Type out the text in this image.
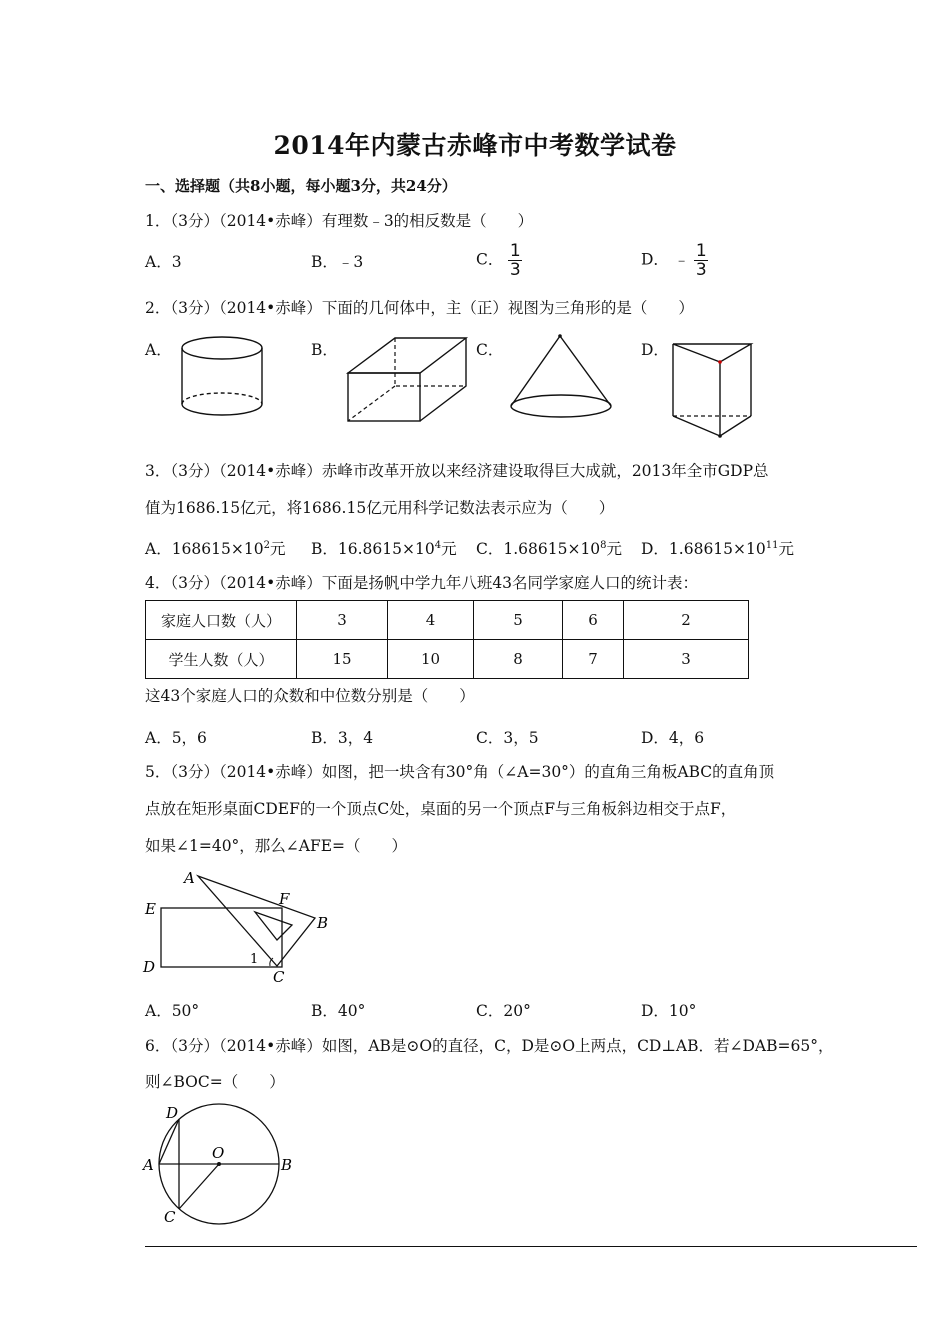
2014年内蒙古赤峰市中考数学试卷
一、选择题（共8小题，每小题3分，共24分）
1．（3分）（2014•赤峰）有理数﹣3的相反数是（　　）
A．3	B．﹣3	C． $\frac{1}{3}$	D． ﹣ $\frac{1}{3}$
2．（3分）（2014•赤峰）下面的几何体中，主（正）视图为三角形的是（　　）
A．	B．	C．	D．
3．（3分）（2014•赤峰）赤峰市改革开放以来经济建设取得巨大成就，2013年全市GDP总
值为1686.15亿元，将1686.15亿元用科学记数法表示应为（　　）
A．$168615\times 10^2$元 B．$16.8615\times 10^4$元 C．$1.68615\times 10^8$元 D．$1.68615\times 10^{11}$元
4．（3分）（2014•赤峰）下面是扬帆中学九年八班43名同学家庭人口的统计表：
家庭人口数（人）	3	4	5	6	2
学生人数（人）	15	10	8	7	3
这43个家庭人口的众数和中位数分别是（　　）
A．5，6	B．3，4	C．3，5	D．4，6
5．（3分）（2014•赤峰）如图，把一块含有30°角（∠A=30°）的直角三角板ABC的直角顶
点放在矩形桌面CDEF的一个顶点C处，桌面的另一个顶点F与三角板斜边相交于点F，
如果∠1=40°，那么∠AFE=（　　）
A
B
C
D
E
F
1
A．50°	B．40°	C．20°	D．10°
6．（3分）（2014•赤峰）如图，AB是⊙O的直径，C，D是⊙O上两点，CD⊥AB．若∠DAB=65°，
则∠BOC=（　　）
D
A	B
C
O
